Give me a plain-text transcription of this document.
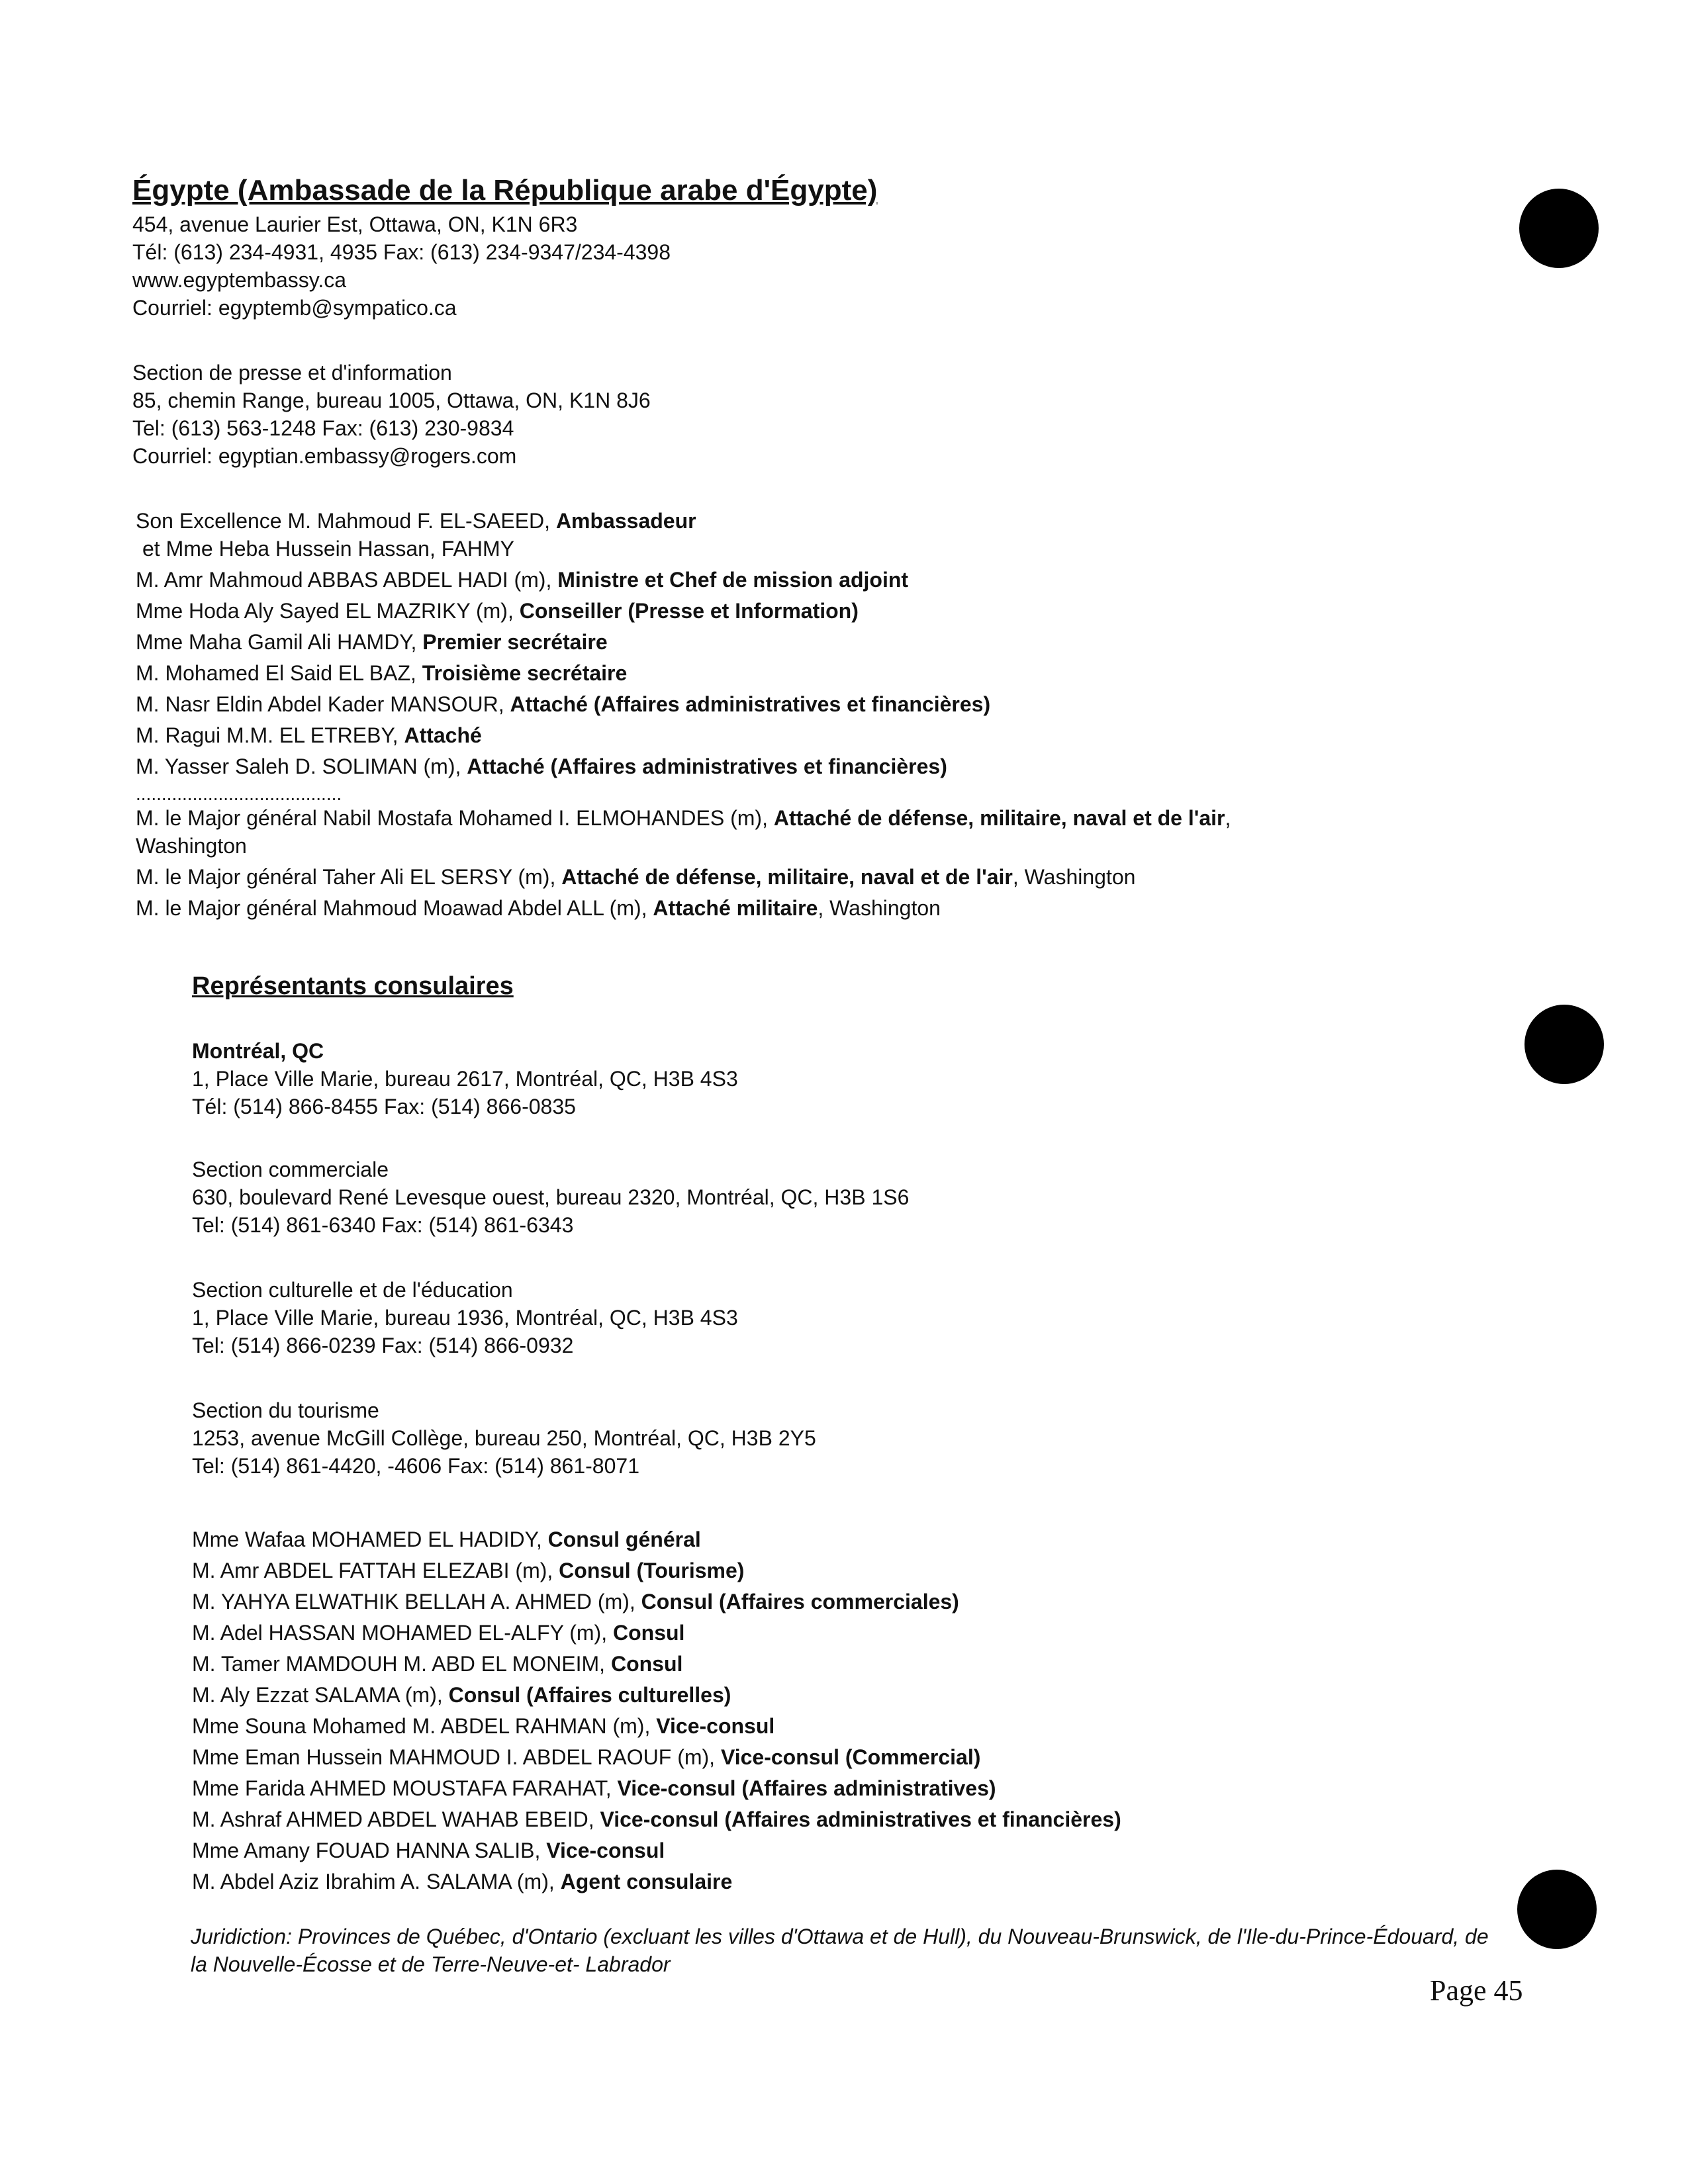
Égypte (Ambassade de la République arabe d'Égypte)
454, avenue Laurier Est, Ottawa, ON, K1N 6R3
Tél: (613) 234-4931, 4935 Fax: (613) 234-9347/234-4398
www.egyptembassy.ca
Courriel: egyptemb@sympatico.ca
Section de presse et d'information
85, chemin Range, bureau 1005, Ottawa, ON, K1N 8J6
Tel: (613) 563-1248 Fax: (613) 230-9834
Courriel: egyptian.embassy@rogers.com
Son Excellence M. Mahmoud F. EL-SAEED, Ambassadeur
et Mme Heba Hussein Hassan, FAHMY
M. Amr Mahmoud ABBAS ABDEL HADI (m), Ministre et Chef de mission adjoint
Mme Hoda Aly Sayed EL MAZRIKY (m), Conseiller (Presse et Information)
Mme Maha Gamil Ali HAMDY, Premier secrétaire
M. Mohamed El Said EL BAZ, Troisième secrétaire
M. Nasr Eldin Abdel Kader MANSOUR, Attaché (Affaires administratives et financières)
M. Ragui M.M. EL ETREBY, Attaché
M. Yasser Saleh D. SOLIMAN (m), Attaché (Affaires administratives et financières)
........................................
M. le Major général Nabil Mostafa Mohamed I. ELMOHANDES (m), Attaché de défense, militaire, naval et de l'air,
Washington
M. le Major général Taher Ali EL SERSY (m), Attaché de défense, militaire, naval et de l'air, Washington
M. le Major général Mahmoud Moawad Abdel ALL (m), Attaché militaire, Washington
Représentants consulaires
Montréal, QC
1, Place Ville Marie, bureau 2617, Montréal, QC, H3B 4S3
Tél: (514) 866-8455 Fax: (514) 866-0835
Section commerciale
630, boulevard René Levesque ouest, bureau 2320, Montréal, QC, H3B 1S6
Tel: (514) 861-6340 Fax: (514) 861-6343
Section culturelle et de l'éducation
1, Place Ville Marie, bureau 1936, Montréal, QC, H3B 4S3
Tel: (514) 866-0239 Fax: (514) 866-0932
Section du tourisme
1253, avenue McGill Collège, bureau 250, Montréal, QC, H3B 2Y5
Tel: (514) 861-4420, -4606 Fax: (514) 861-8071
Mme Wafaa MOHAMED EL HADIDY, Consul général
M. Amr ABDEL FATTAH ELEZABI (m), Consul (Tourisme)
M. YAHYA ELWATHIK BELLAH A. AHMED (m), Consul (Affaires commerciales)
M. Adel HASSAN MOHAMED EL-ALFY (m), Consul
M. Tamer MAMDOUH M. ABD EL MONEIM, Consul
M. Aly Ezzat SALAMA (m), Consul (Affaires culturelles)
Mme Souna Mohamed M. ABDEL RAHMAN (m), Vice-consul
Mme Eman Hussein MAHMOUD I. ABDEL RAOUF (m), Vice-consul (Commercial)
Mme Farida AHMED MOUSTAFA FARAHAT, Vice-consul (Affaires administratives)
M. Ashraf AHMED ABDEL WAHAB EBEID, Vice-consul (Affaires administratives et financières)
Mme Amany FOUAD HANNA SALIB, Vice-consul
M. Abdel Aziz Ibrahim A. SALAMA (m), Agent consulaire
Juridiction: Provinces de Québec, d'Ontario (excluant les villes d'Ottawa et de Hull), du Nouveau-Brunswick, de l'Ile-du-Prince-Édouard, de la Nouvelle-Écosse et de Terre-Neuve-et- Labrador
Page 45
